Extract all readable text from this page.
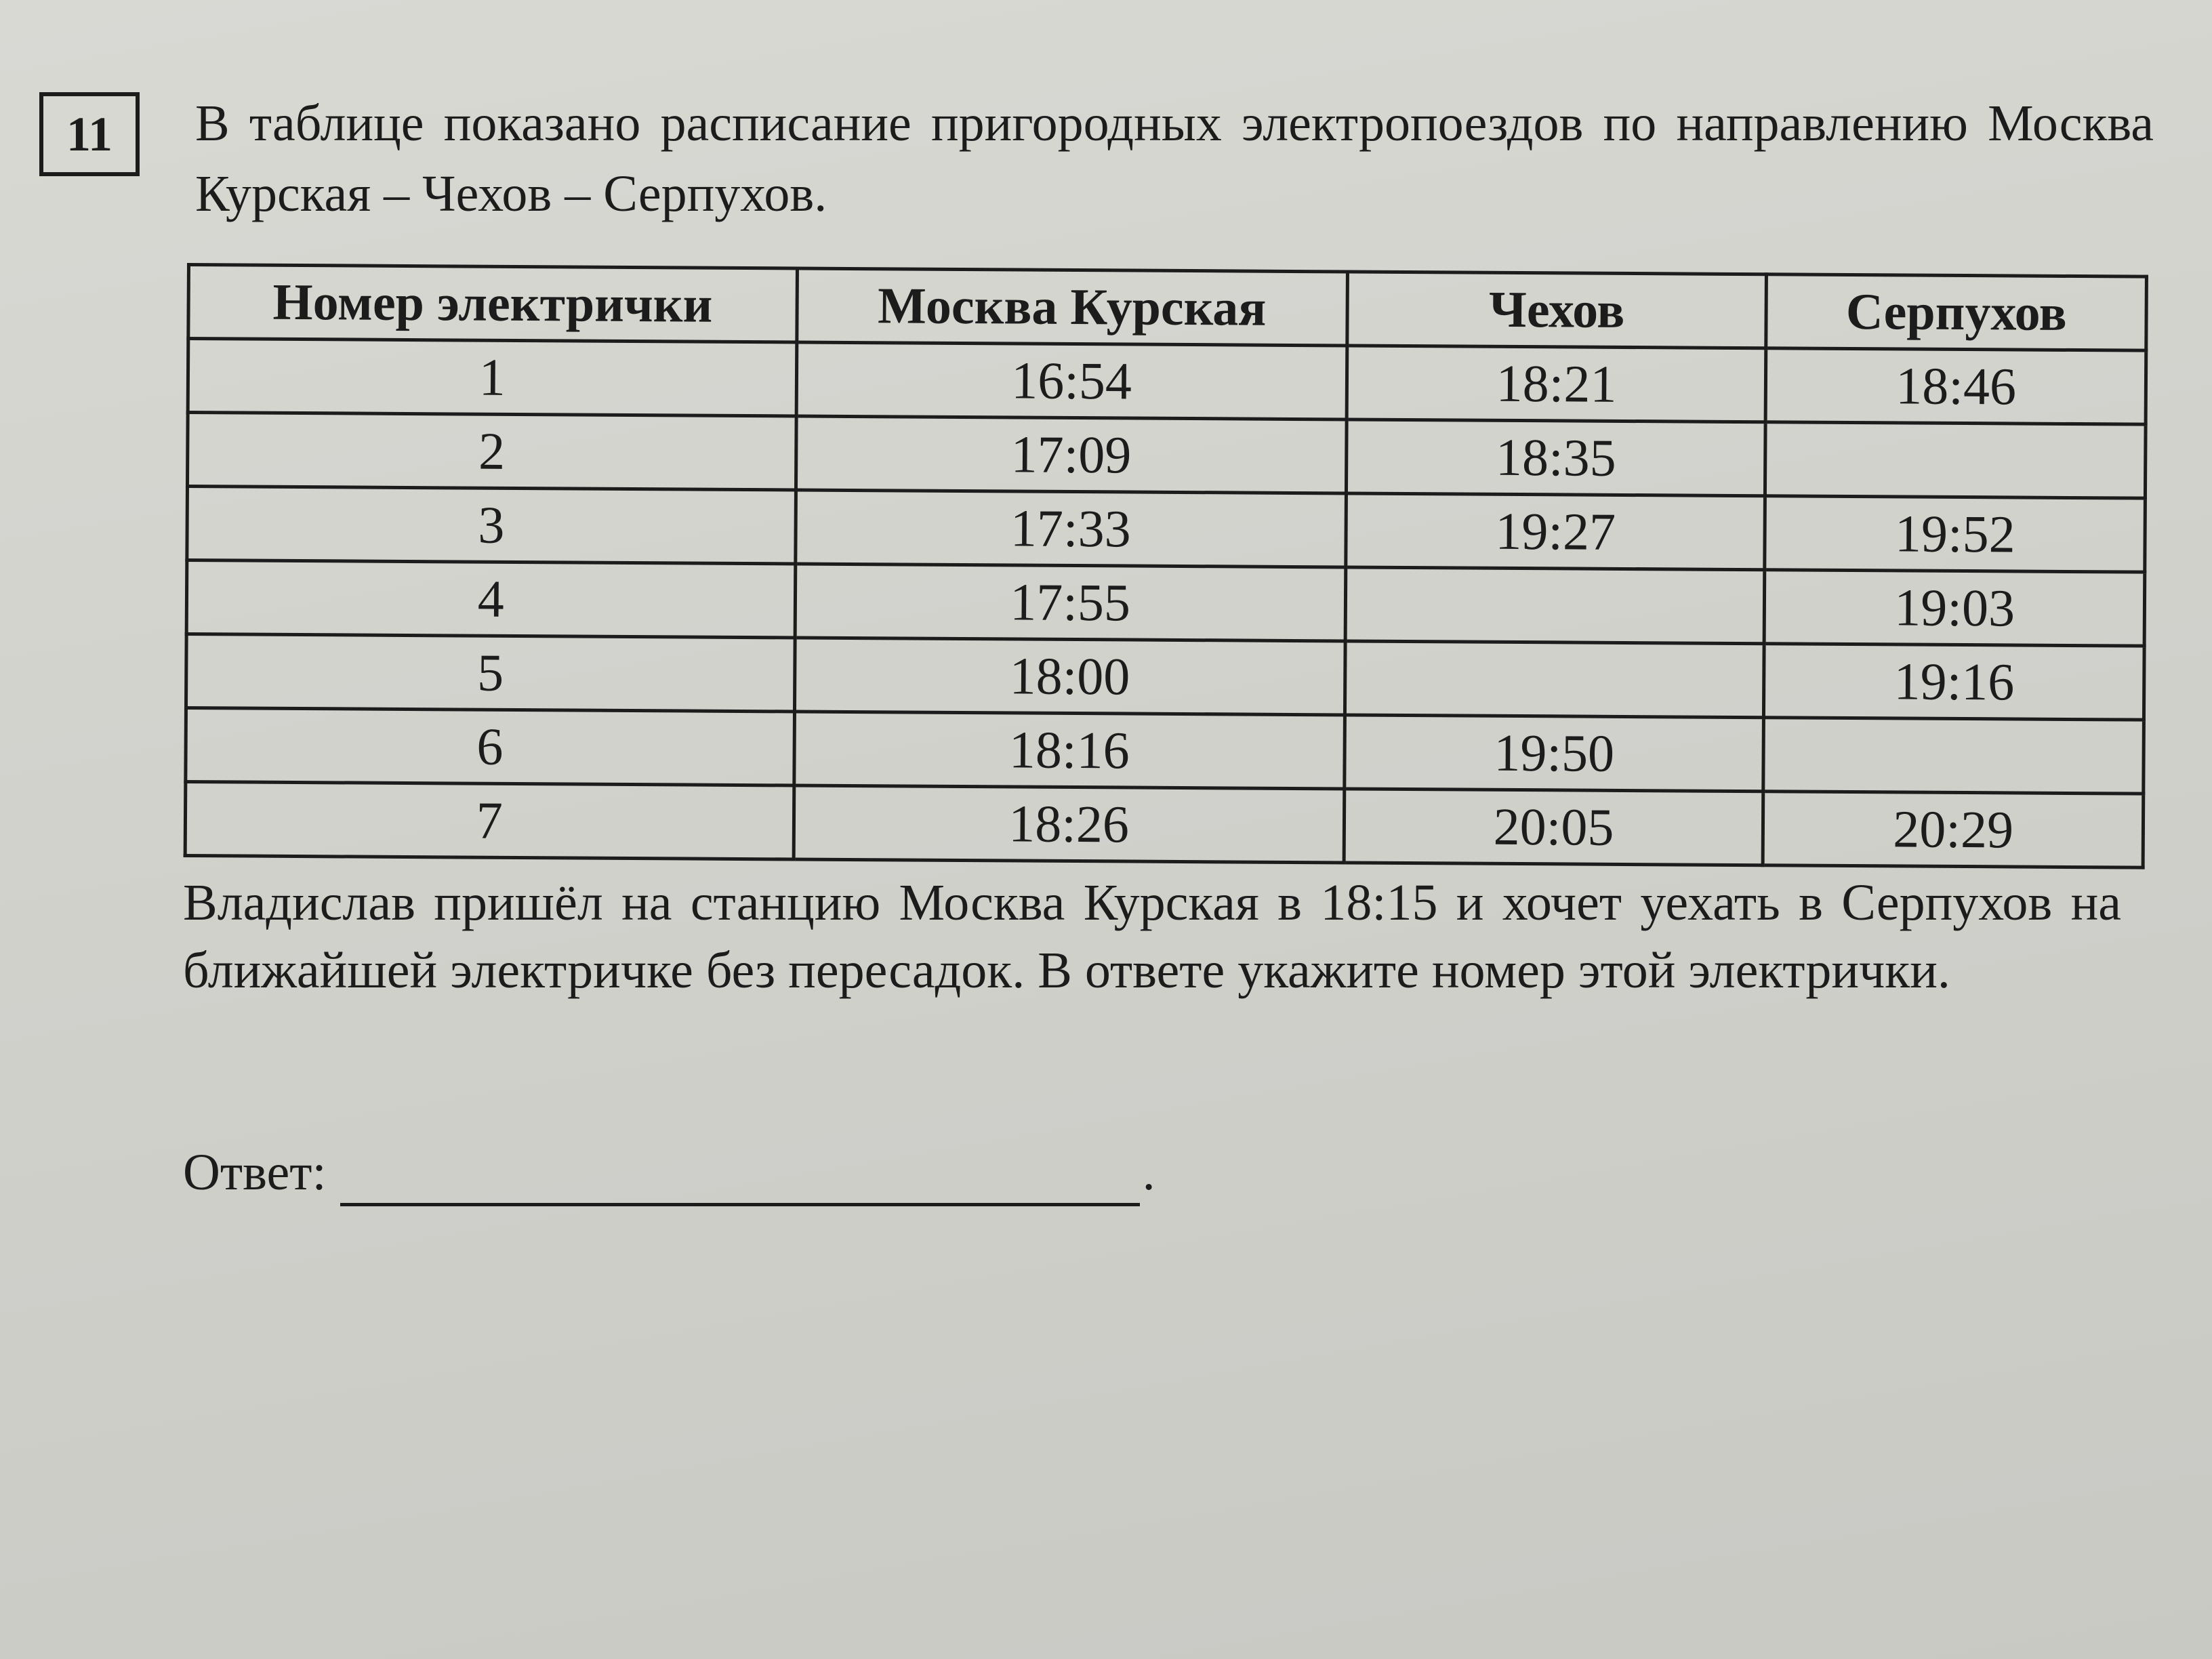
11 В таблице показано расписание пригородных электропоездов по направлению Москва Курская – Чехов – Серпухов.

Номер электрички	Москва Курская	Чехов	Серпухов
1	16:54	18:21	18:46
2	17:09	18:35	
3	17:33	19:27	19:52
4	17:55		19:03
5	18:00		19:16
6	18:16	19:50	
7	18:26	20:05	20:29

Владислав пришёл на станцию Москва Курская в 18:15 и хочет уехать в Серпухов на ближайшей электричке без пересадок. В ответе укажите номер этой электрички.

Ответ:	.
